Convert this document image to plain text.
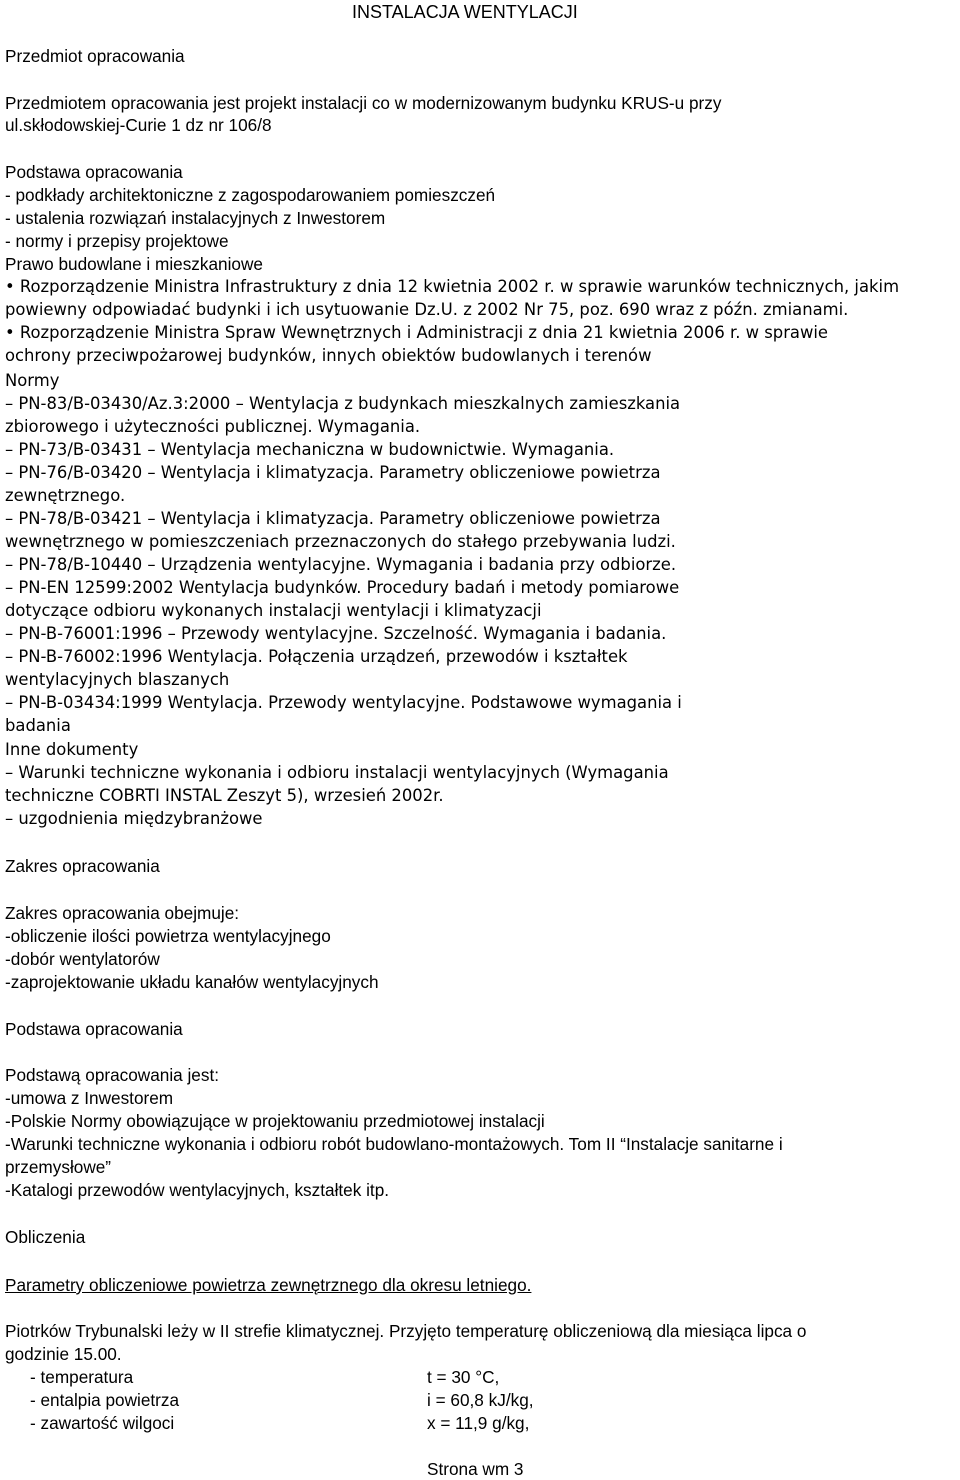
INSTALACJA WENTYLACJI
Przedmiot opracowania
Przedmiotem opracowania jest projekt instalacji co w modernizowanym budynku KRUS-u przy
ul.skłodowskiej-Curie 1 dz nr 106/8
Podstawa opracowania
- podkłady architektoniczne z zagospodarowaniem pomieszczeń
- ustalenia rozwiązań instalacyjnych z Inwestorem
- normy i przepisy projektowe
Prawo budowlane i mieszkaniowe
• Rozporządzenie Ministra Infrastruktury z dnia 12 kwietnia 2002 r. w sprawie warunków technicznych, jakim
powiewny odpowiadać budynki i ich usytuowanie Dz.U. z 2002 Nr 75, poz. 690 wraz z późn. zmianami.
• Rozporządzenie Ministra Spraw Wewnętrznych i Administracji z dnia 21 kwietnia 2006 r. w sprawie
ochrony przeciwpożarowej budynków, innych obiektów budowlanych i terenów
Normy
– PN-83/B-03430/Az.3:2000 – Wentylacja z budynkach mieszkalnych zamieszkania
zbiorowego i użyteczności publicznej. Wymagania.
– PN-73/B-03431 – Wentylacja mechaniczna w budownictwie. Wymagania.
– PN-76/B-03420 – Wentylacja i klimatyzacja. Parametry obliczeniowe powietrza
zewnętrznego.
– PN-78/B-03421 – Wentylacja i klimatyzacja. Parametry obliczeniowe powietrza
wewnętrznego w pomieszczeniach przeznaczonych do stałego przebywania ludzi.
– PN-78/B-10440 – Urządzenia wentylacyjne. Wymagania i badania przy odbiorze.
– PN-EN 12599:2002 Wentylacja budynków. Procedury badań i metody pomiarowe
dotyczące odbioru wykonanych instalacji wentylacji i klimatyzacji
– PN-B-76001:1996 – Przewody wentylacyjne. Szczelność. Wymagania i badania.
– PN-B-76002:1996 Wentylacja. Połączenia urządzeń, przewodów i kształtek
wentylacyjnych blaszanych
– PN-B-03434:1999 Wentylacja. Przewody wentylacyjne. Podstawowe wymagania i
badania
Inne dokumenty
– Warunki techniczne wykonania i odbioru instalacji wentylacyjnych (Wymagania
techniczne COBRTI INSTAL Zeszyt 5), wrzesień 2002r.
– uzgodnienia międzybranżowe
Zakres opracowania
Zakres opracowania obejmuje:
-obliczenie ilości powietrza wentylacyjnego
-dobór wentylatorów
-zaprojektowanie układu kanałów wentylacyjnych
Podstawa opracowania
Podstawą opracowania jest:
-umowa z Inwestorem
-Polskie Normy obowiązujące w projektowaniu przedmiotowej instalacji
-Warunki techniczne wykonania i odbioru robót budowlano-montażowych. Tom II “Instalacje sanitarne i
przemysłowe”
-Katalogi przewodów wentylacyjnych, kształtek itp.
Obliczenia
Parametry obliczeniowe powietrza zewnętrznego dla okresu letniego.
Piotrków Trybunalski leży w II strefie klimatycznej. Przyjęto temperaturę obliczeniową dla miesiąca lipca o
godzinie 15.00.
- temperatura	t = 30 °C,
- entalpia powietrza	i = 60,8 kJ/kg,
- zawartość wilgoci	x = 11,9 g/kg,
Strona wm 3
